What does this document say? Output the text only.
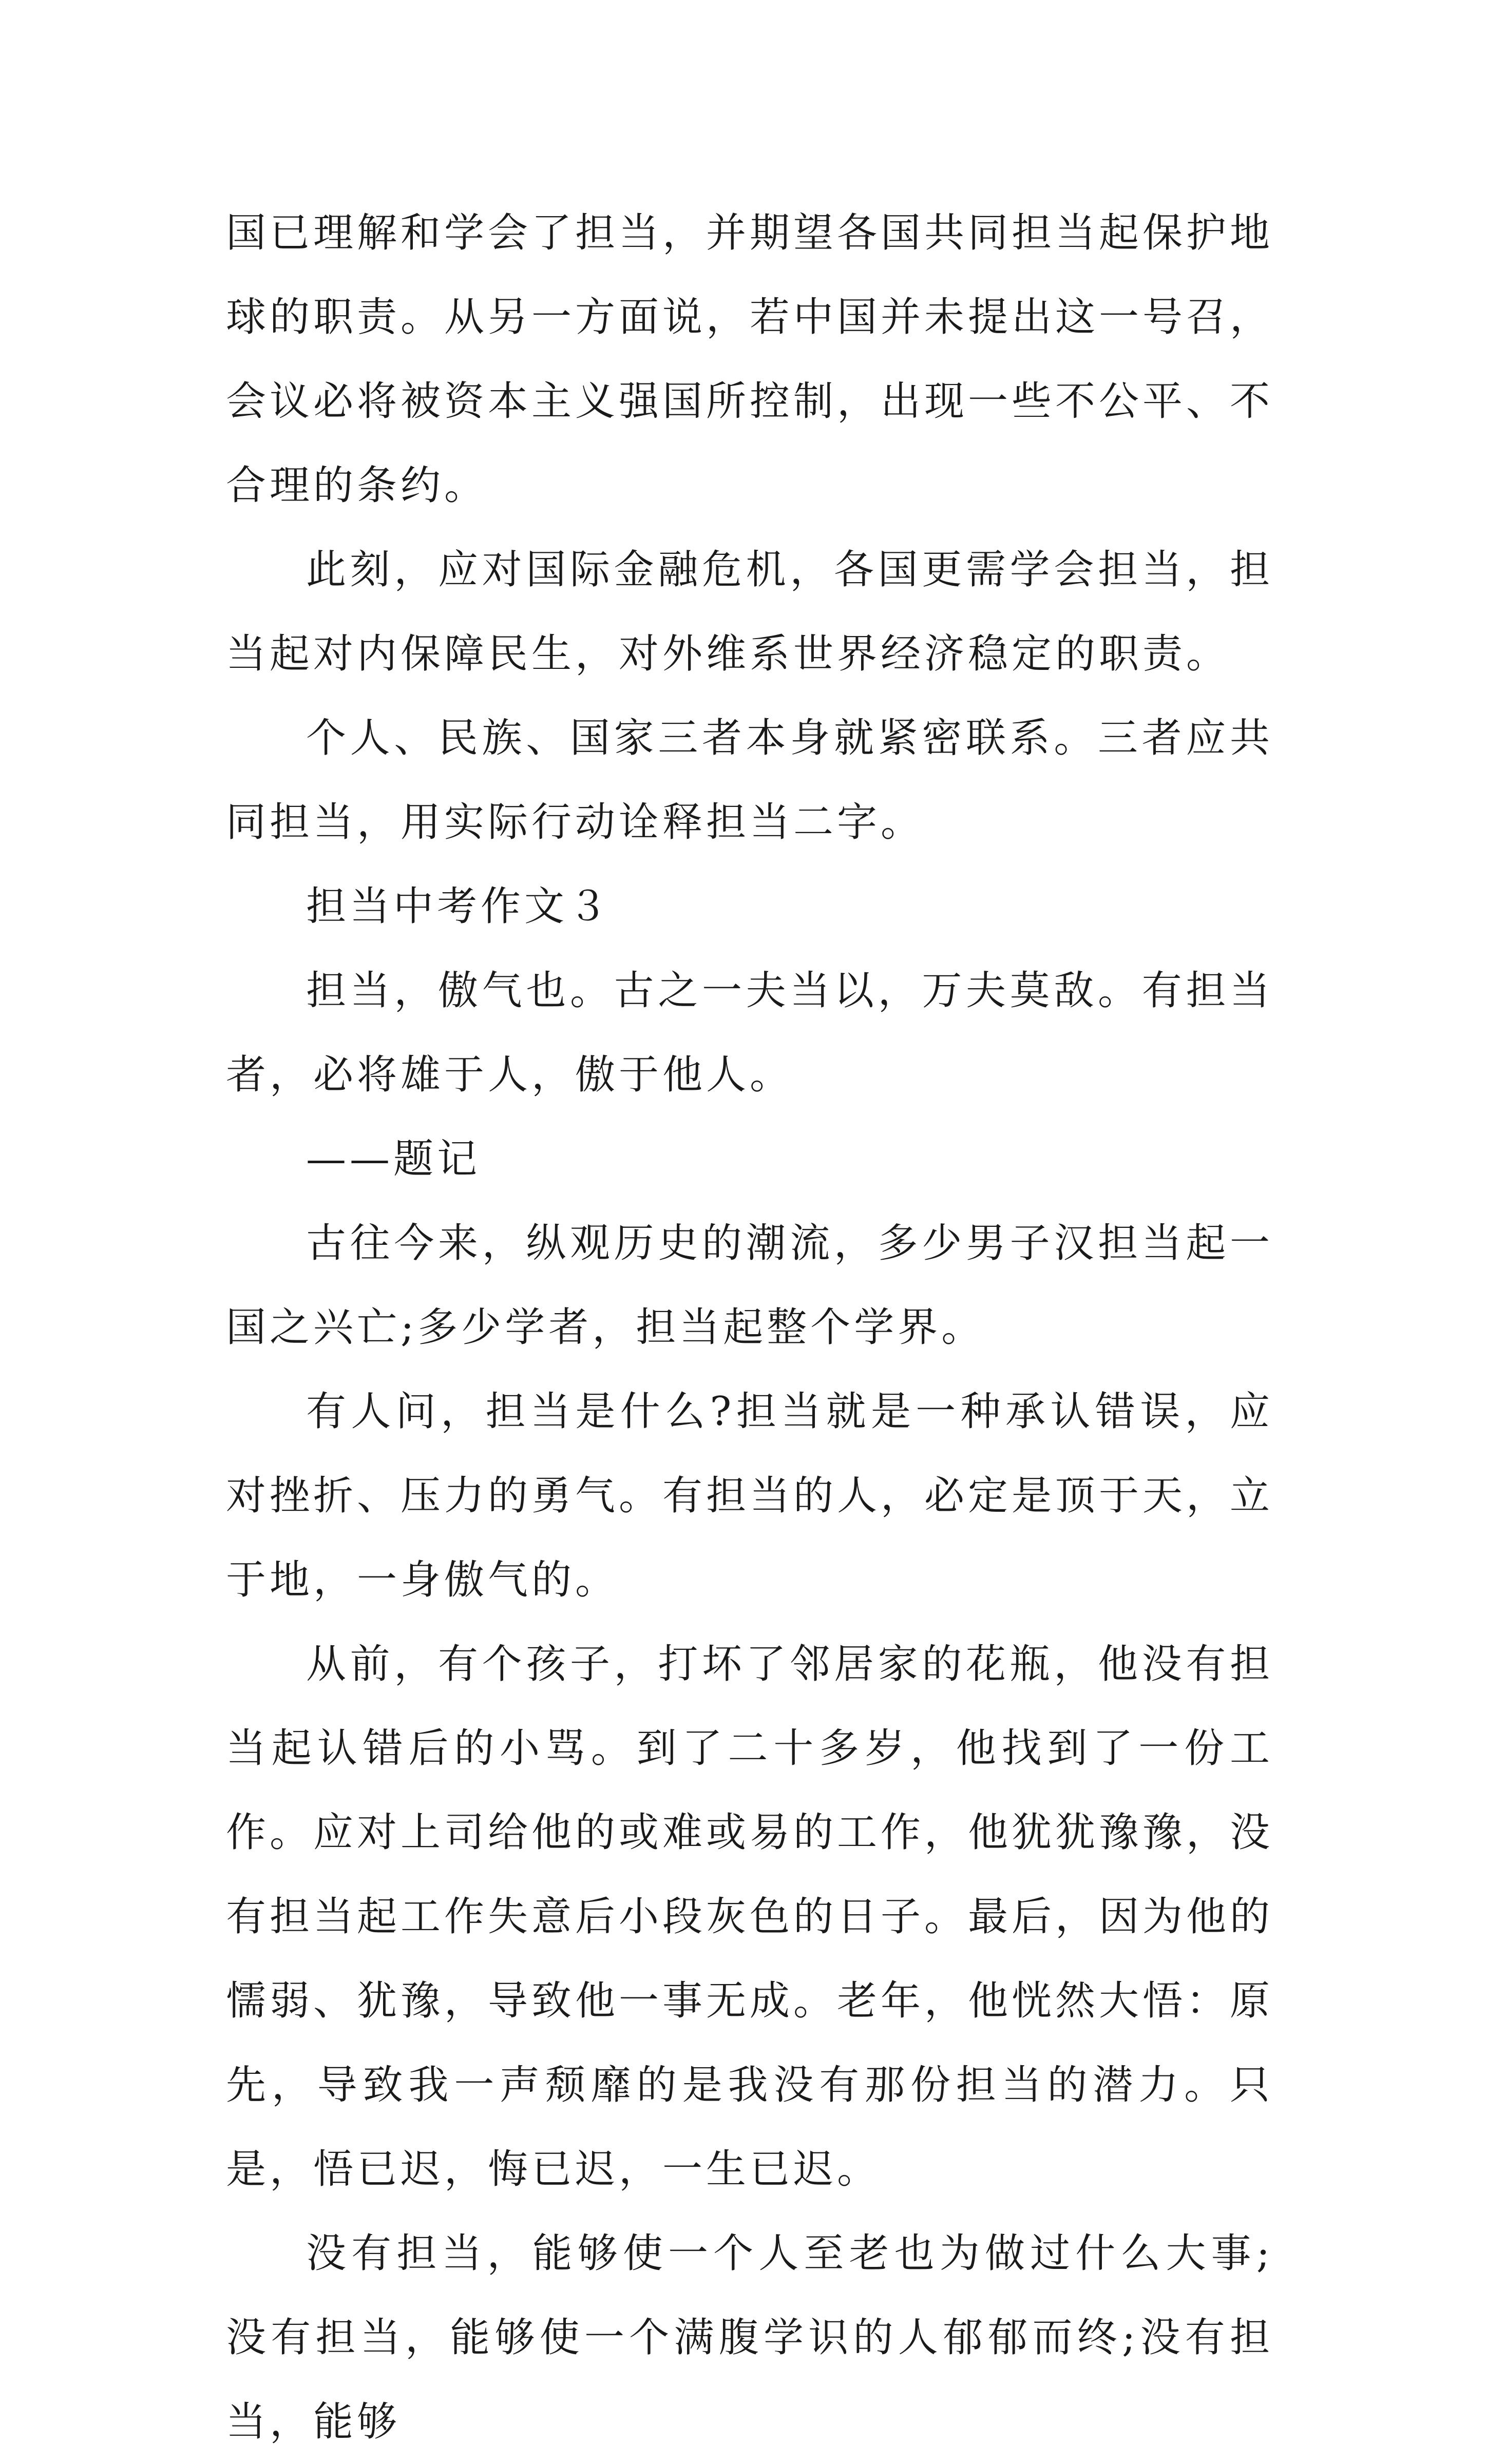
国已理解和学会了担当，并期望各国共同担当起保护地球的职责。从另一方面说，若中国并未提出这一号召，会议必将被资本主义强国所控制，出现一些不公平、不合理的条约。

此刻，应对国际金融危机，各国更需学会担当，担当起对内保障民生，对外维系世界经济稳定的职责。

个人、民族、国家三者本身就紧密联系。三者应共同担当，用实际行动诠释担当二字。

担当中考作文３

担当，傲气也。古之一夫当以，万夫莫敌。有担当者，必将雄于人，傲于他人。

——题记

古往今来，纵观历史的潮流，多少男子汉担当起一国之兴亡;多少学者，担当起整个学界。

有人问，担当是什么?担当就是一种承认错误，应对挫折、压力的勇气。有担当的人，必定是顶于天，立于地，一身傲气的。

从前，有个孩子，打坏了邻居家的花瓶，他没有担当起认错后的小骂。到了二十多岁，他找到了一份工作。应对上司给他的或难或易的工作，他犹犹豫豫，没有担当起工作失意后小段灰色的日子。最后，因为他的懦弱、犹豫，导致他一事无成。老年，他恍然大悟：原先，导致我一声颓靡的是我没有那份担当的潜力。只是，悟已迟，悔已迟，一生已迟。

没有担当，能够使一个人至老也为做过什么大事;没有担当，能够使一个满腹学识的人郁郁而终;没有担当，能够
